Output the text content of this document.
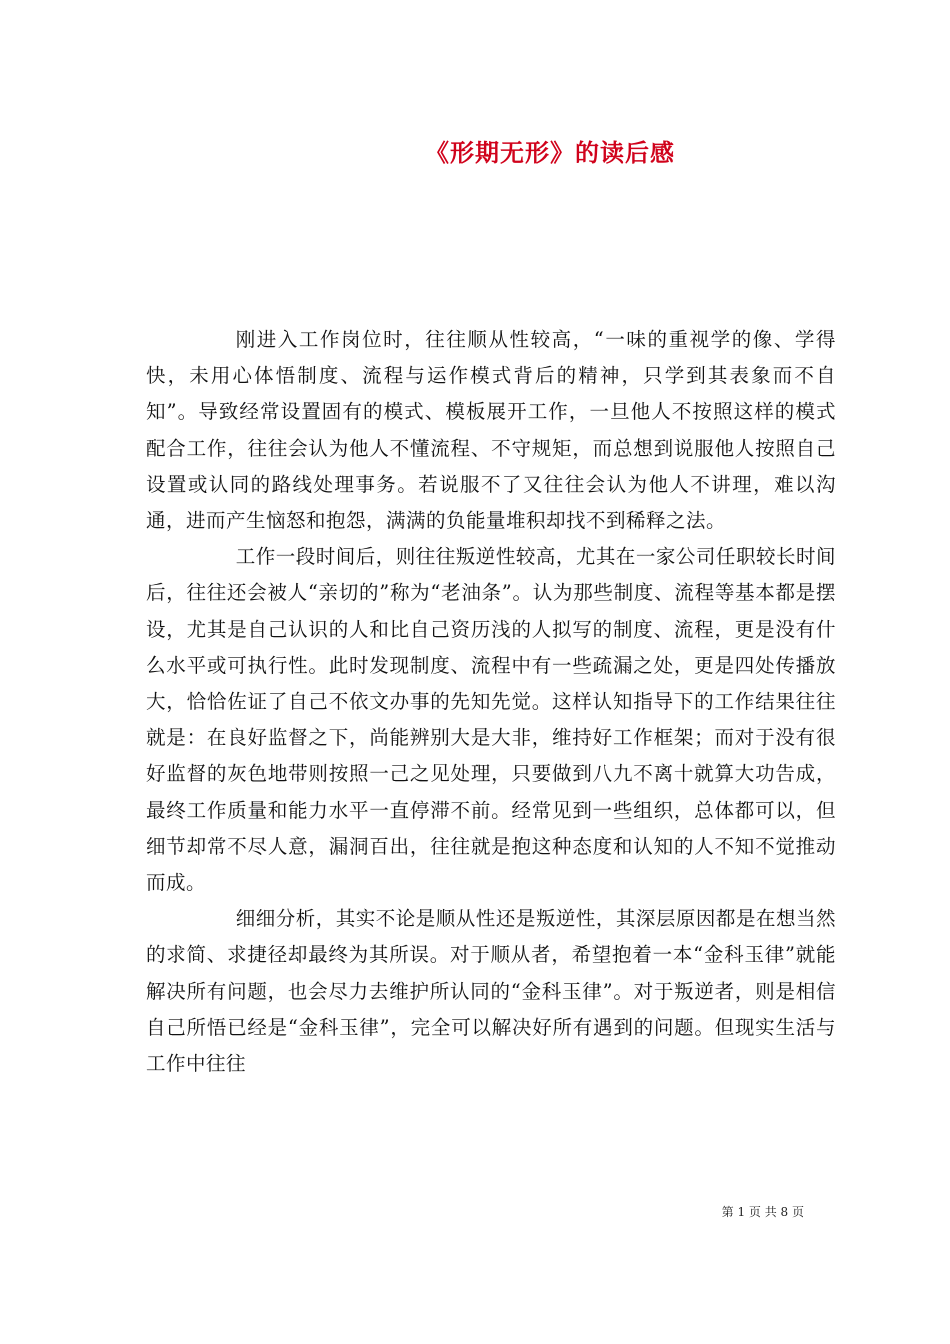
《形期无形》的读后感

刚进入工作岗位时，往往顺从性较高，“一味的重视学的像、学得快，未用心体悟制度、流程与运作模式背后的精神，只学到其表象而不自知”。导致经常设置固有的模式、模板展开工作，一旦他人不按照这样的模式配合工作，往往会认为他人不懂流程、不守规矩，而总想到说服他人按照自己设置或认同的路线处理事务。若说服不了又往往会认为他人不讲理，难以沟通，进而产生恼怒和抱怨，满满的负能量堆积却找不到稀释之法。

工作一段时间后，则往往叛逆性较高，尤其在一家公司任职较长时间后，往往还会被人“亲切的”称为“老油条”。认为那些制度、流程等基本都是摆设，尤其是自己认识的人和比自己资历浅的人拟写的制度、流程，更是没有什么水平或可执行性。此时发现制度、流程中有一些疏漏之处，更是四处传播放大，恰恰佐证了自己不依文办事的先知先觉。这样认知指导下的工作结果往往就是：在良好监督之下，尚能辨别大是大非，维持好工作框架；而对于没有很好监督的灰色地带则按照一己之见处理，只要做到八九不离十就算大功告成，最终工作质量和能力水平一直停滞不前。经常见到一些组织，总体都可以，但细节却常不尽人意，漏洞百出，往往就是抱这种态度和认知的人不知不觉推动而成。

细细分析，其实不论是顺从性还是叛逆性，其深层原因都是在想当然的求简、求捷径却最终为其所误。对于顺从者，希望抱着一本“金科玉律”就能解决所有问题，也会尽力去维护所认同的“金科玉律”。对于叛逆者，则是相信自己所悟已经是“金科玉律”，完全可以解决好所有遇到的问题。但现实生活与工作中往往

第 1 页 共 8 页
